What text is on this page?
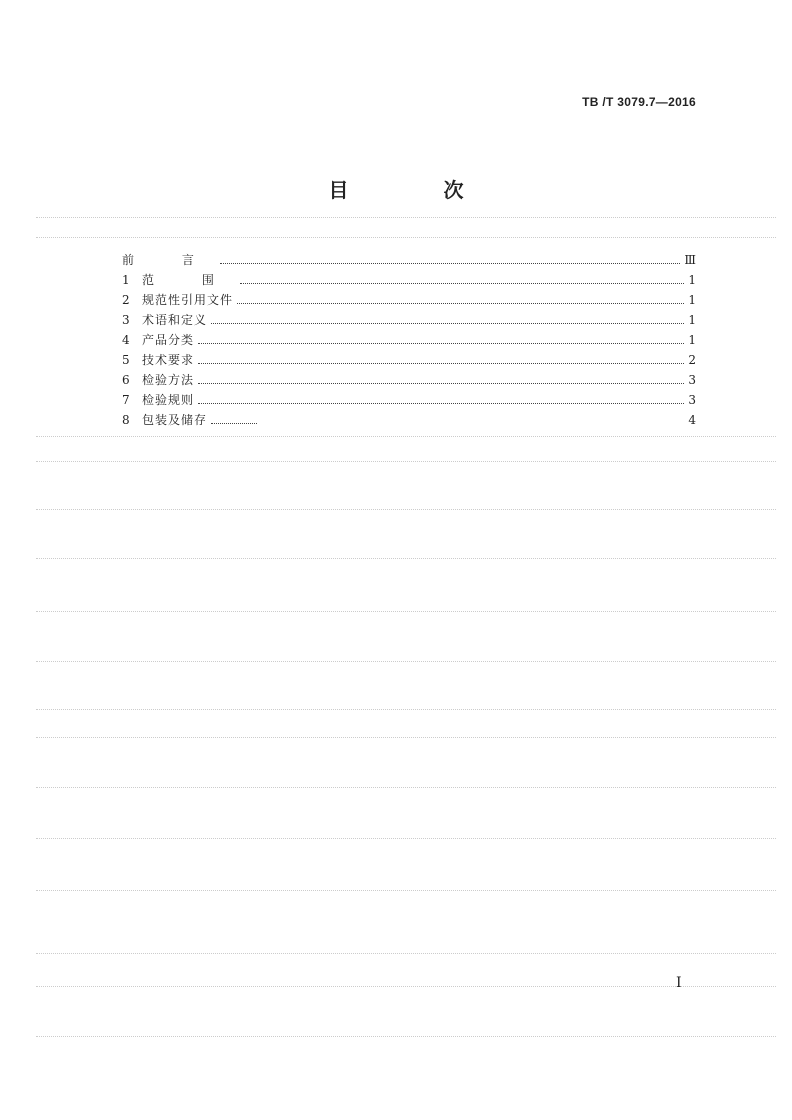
TB /T 3079.7—2016
目 次
前 言	Ⅲ
1	范 围	1
2	规范性引用文件	1
3	术语和定义	1
4	产品分类	1
5	技术要求	2
6	检验方法	3
7	检验规则	3
8	包装及储存	4
I
